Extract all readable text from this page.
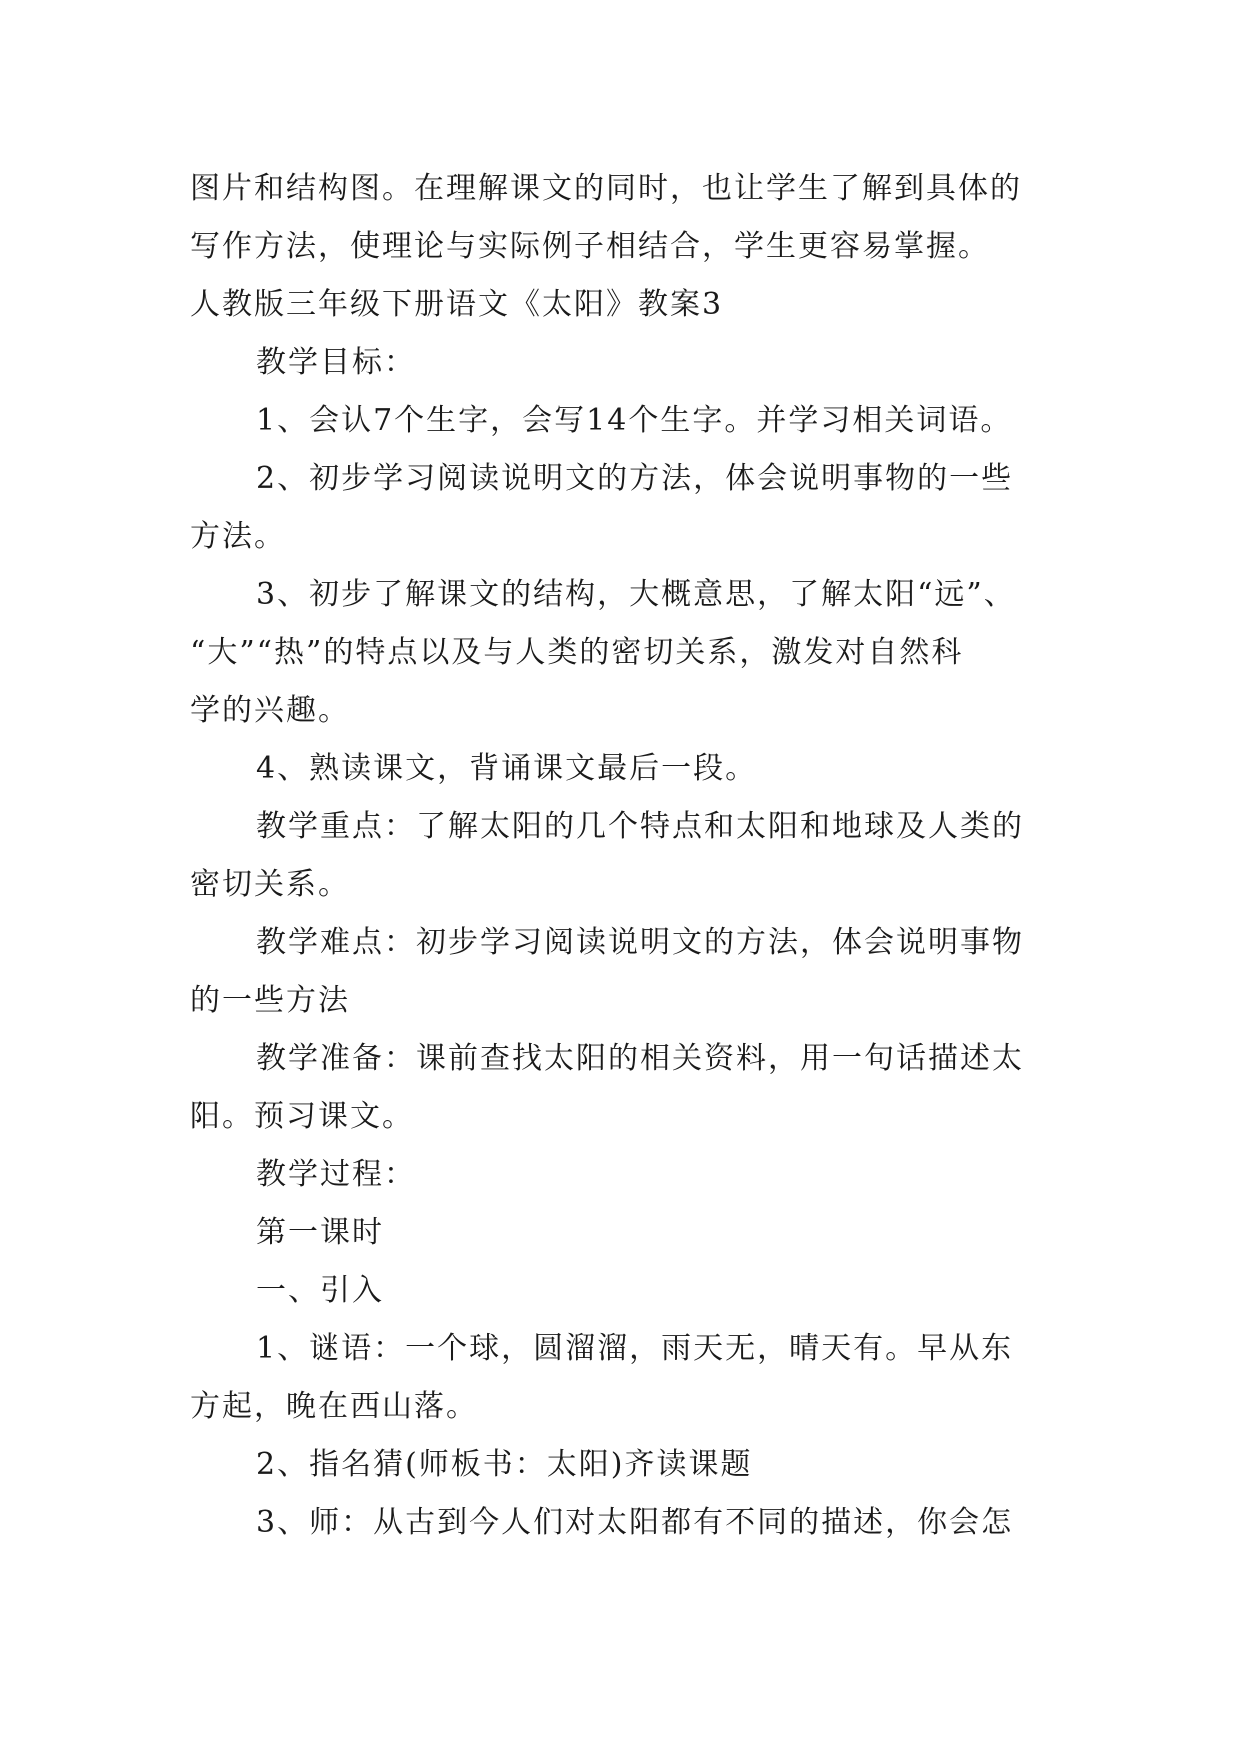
图片和结构图。在理解课文的同时，也让学生了解到具体的
写作方法，使理论与实际例子相结合，学生更容易掌握。
人教版三年级下册语文《太阳》教案3
教学目标：
1、会认7个生字，会写14个生字。并学习相关词语。
2、初步学习阅读说明文的方法，体会说明事物的一些
方法。
3、初步了解课文的结构，大概意思，了解太阳“远”、
“大”“热”的特点以及与人类的密切关系，激发对自然科
学的兴趣。
4、熟读课文，背诵课文最后一段。
教学重点：了解太阳的几个特点和太阳和地球及人类的
密切关系。
教学难点：初步学习阅读说明文的方法，体会说明事物
的一些方法
教学准备：课前查找太阳的相关资料，用一句话描述太
阳。预习课文。
教学过程：
第一课时
一、引入
1、谜语：一个球，圆溜溜，雨天无，晴天有。早从东
方起，晚在西山落。
2、指名猜(师板书：太阳)齐读课题
3、师：从古到今人们对太阳都有不同的描述，你会怎
